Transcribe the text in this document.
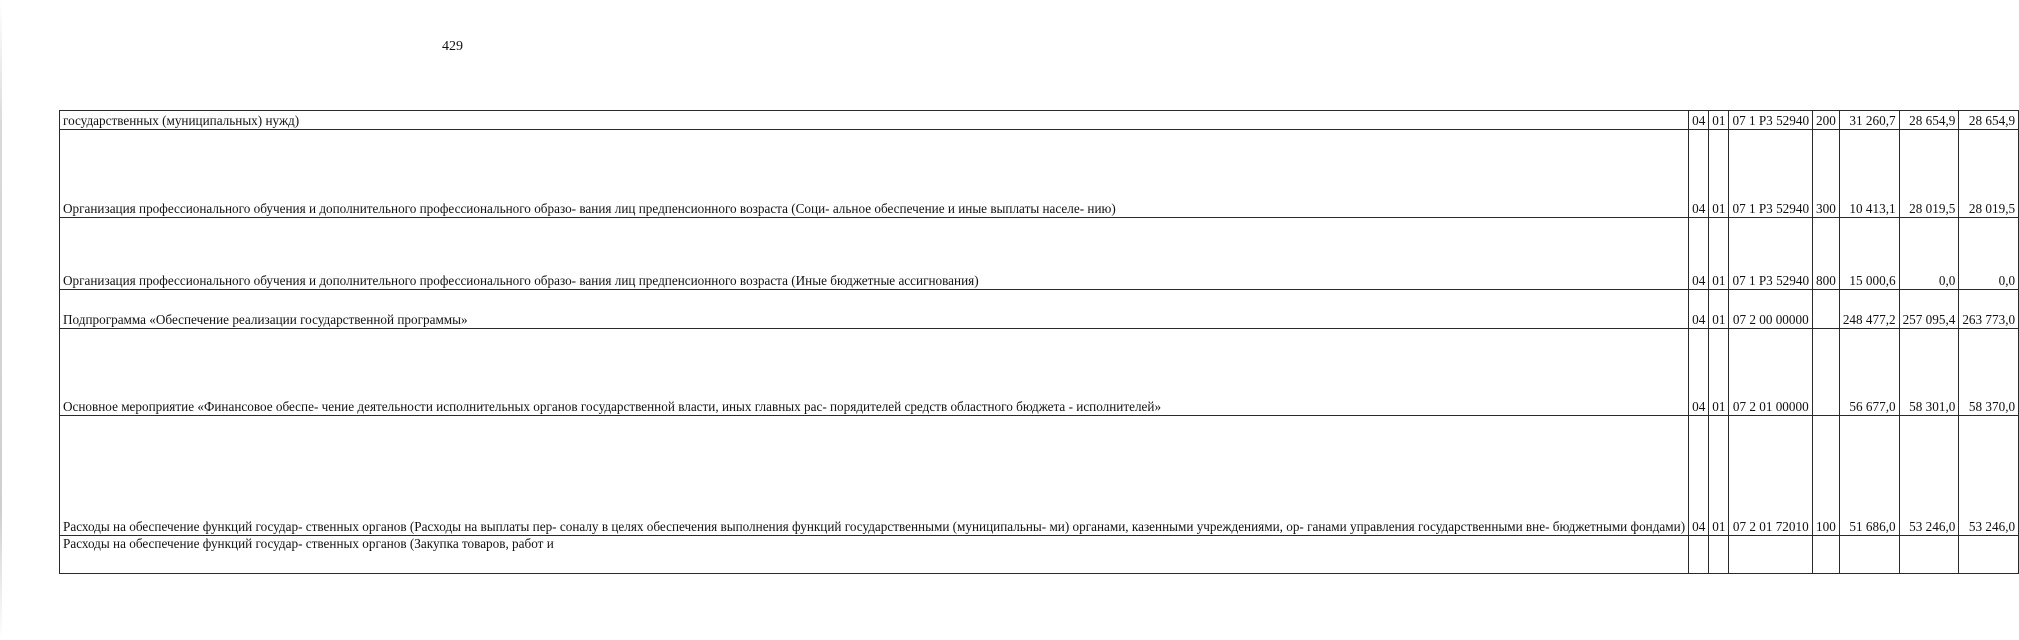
429
государственных (муниципальных) нужд)	04	01	07 1 Р3 52940	200	31 260,7	28 654,9	28 654,9
Организация профессионального обучения и дополнительного профессионального образо- вания лиц предпенсионного возраста (Соци- альное обеспечение и иные выплаты населе- нию)	04	01	07 1 Р3 52940	300	10 413,1	28 019,5	28 019,5
Организация профессионального обучения и дополнительного профессионального образо- вания лиц предпенсионного возраста (Иные бюджетные ассигнования)	04	01	07 1 Р3 52940	800	15 000,6	0,0	0,0
Подпрограмма «Обеспечение реализации государственной программы»	04	01	07 2 00 00000		248 477,2	257 095,4	263 773,0
Основное мероприятие «Финансовое обеспе- чение деятельности исполнительных органов государственной власти, иных главных рас- порядителей средств областного бюджета - исполнителей»	04	01	07 2 01 00000		56 677,0	58 301,0	58 370,0
Расходы на обеспечение функций государ- ственных органов (Расходы на выплаты пер- соналу в целях обеспечения выполнения функций государственными (муниципальны- ми) органами, казенными учреждениями, ор- ганами управления государственными вне- бюджетными фондами)	04	01	07 2 01 72010	100	51 686,0	53 246,0	53 246,0
Расходы на обеспечение функций государ- ственных органов (Закупка товаров, работ и							
